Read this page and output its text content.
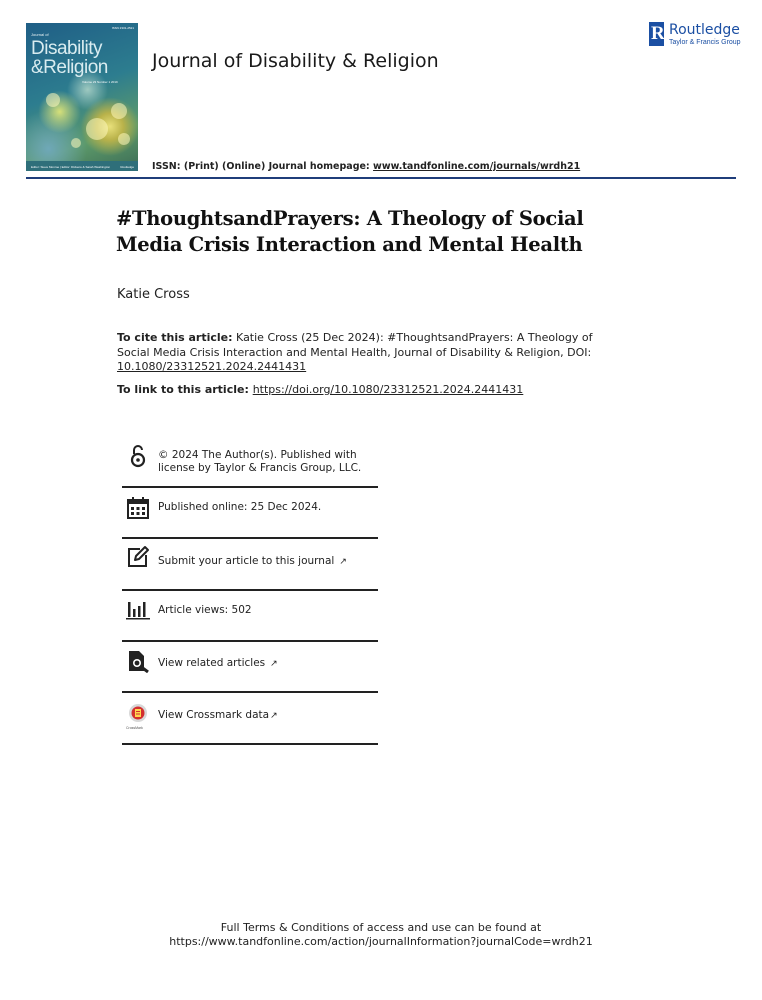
ISSN 2331-2521
Journal of
Disability
&Religion
Volume 23 Number 1 2019
Editor: Steve Monroe | Editor: Dickens & Sarah Washington	Routledge
Journal of Disability & Religion
R Routledge
Taylor & Francis Group
ISSN: (Print) (Online) Journal homepage: www.tandfonline.com/journals/wrdh21
#ThoughtsandPrayers: A Theology of Social Media Crisis Interaction and Mental Health
Katie Cross
To cite this article: Katie Cross (25 Dec 2024): #ThoughtsandPrayers: A Theology of Social Media Crisis Interaction and Mental Health, Journal of Disability & Religion, DOI: 10.1080/23312521.2024.2441431
To link to this article: https://doi.org/10.1080/23312521.2024.2441431
© 2024 The Author(s). Published with
license by Taylor & Francis Group, LLC.
Published online: 25 Dec 2024.
Submit your article to this journal ↗
Article views: 502
View related articles ↗
CrossMark
View Crossmark data↗
Full Terms & Conditions of access and use can be found at
https://www.tandfonline.com/action/journalInformation?journalCode=wrdh21
